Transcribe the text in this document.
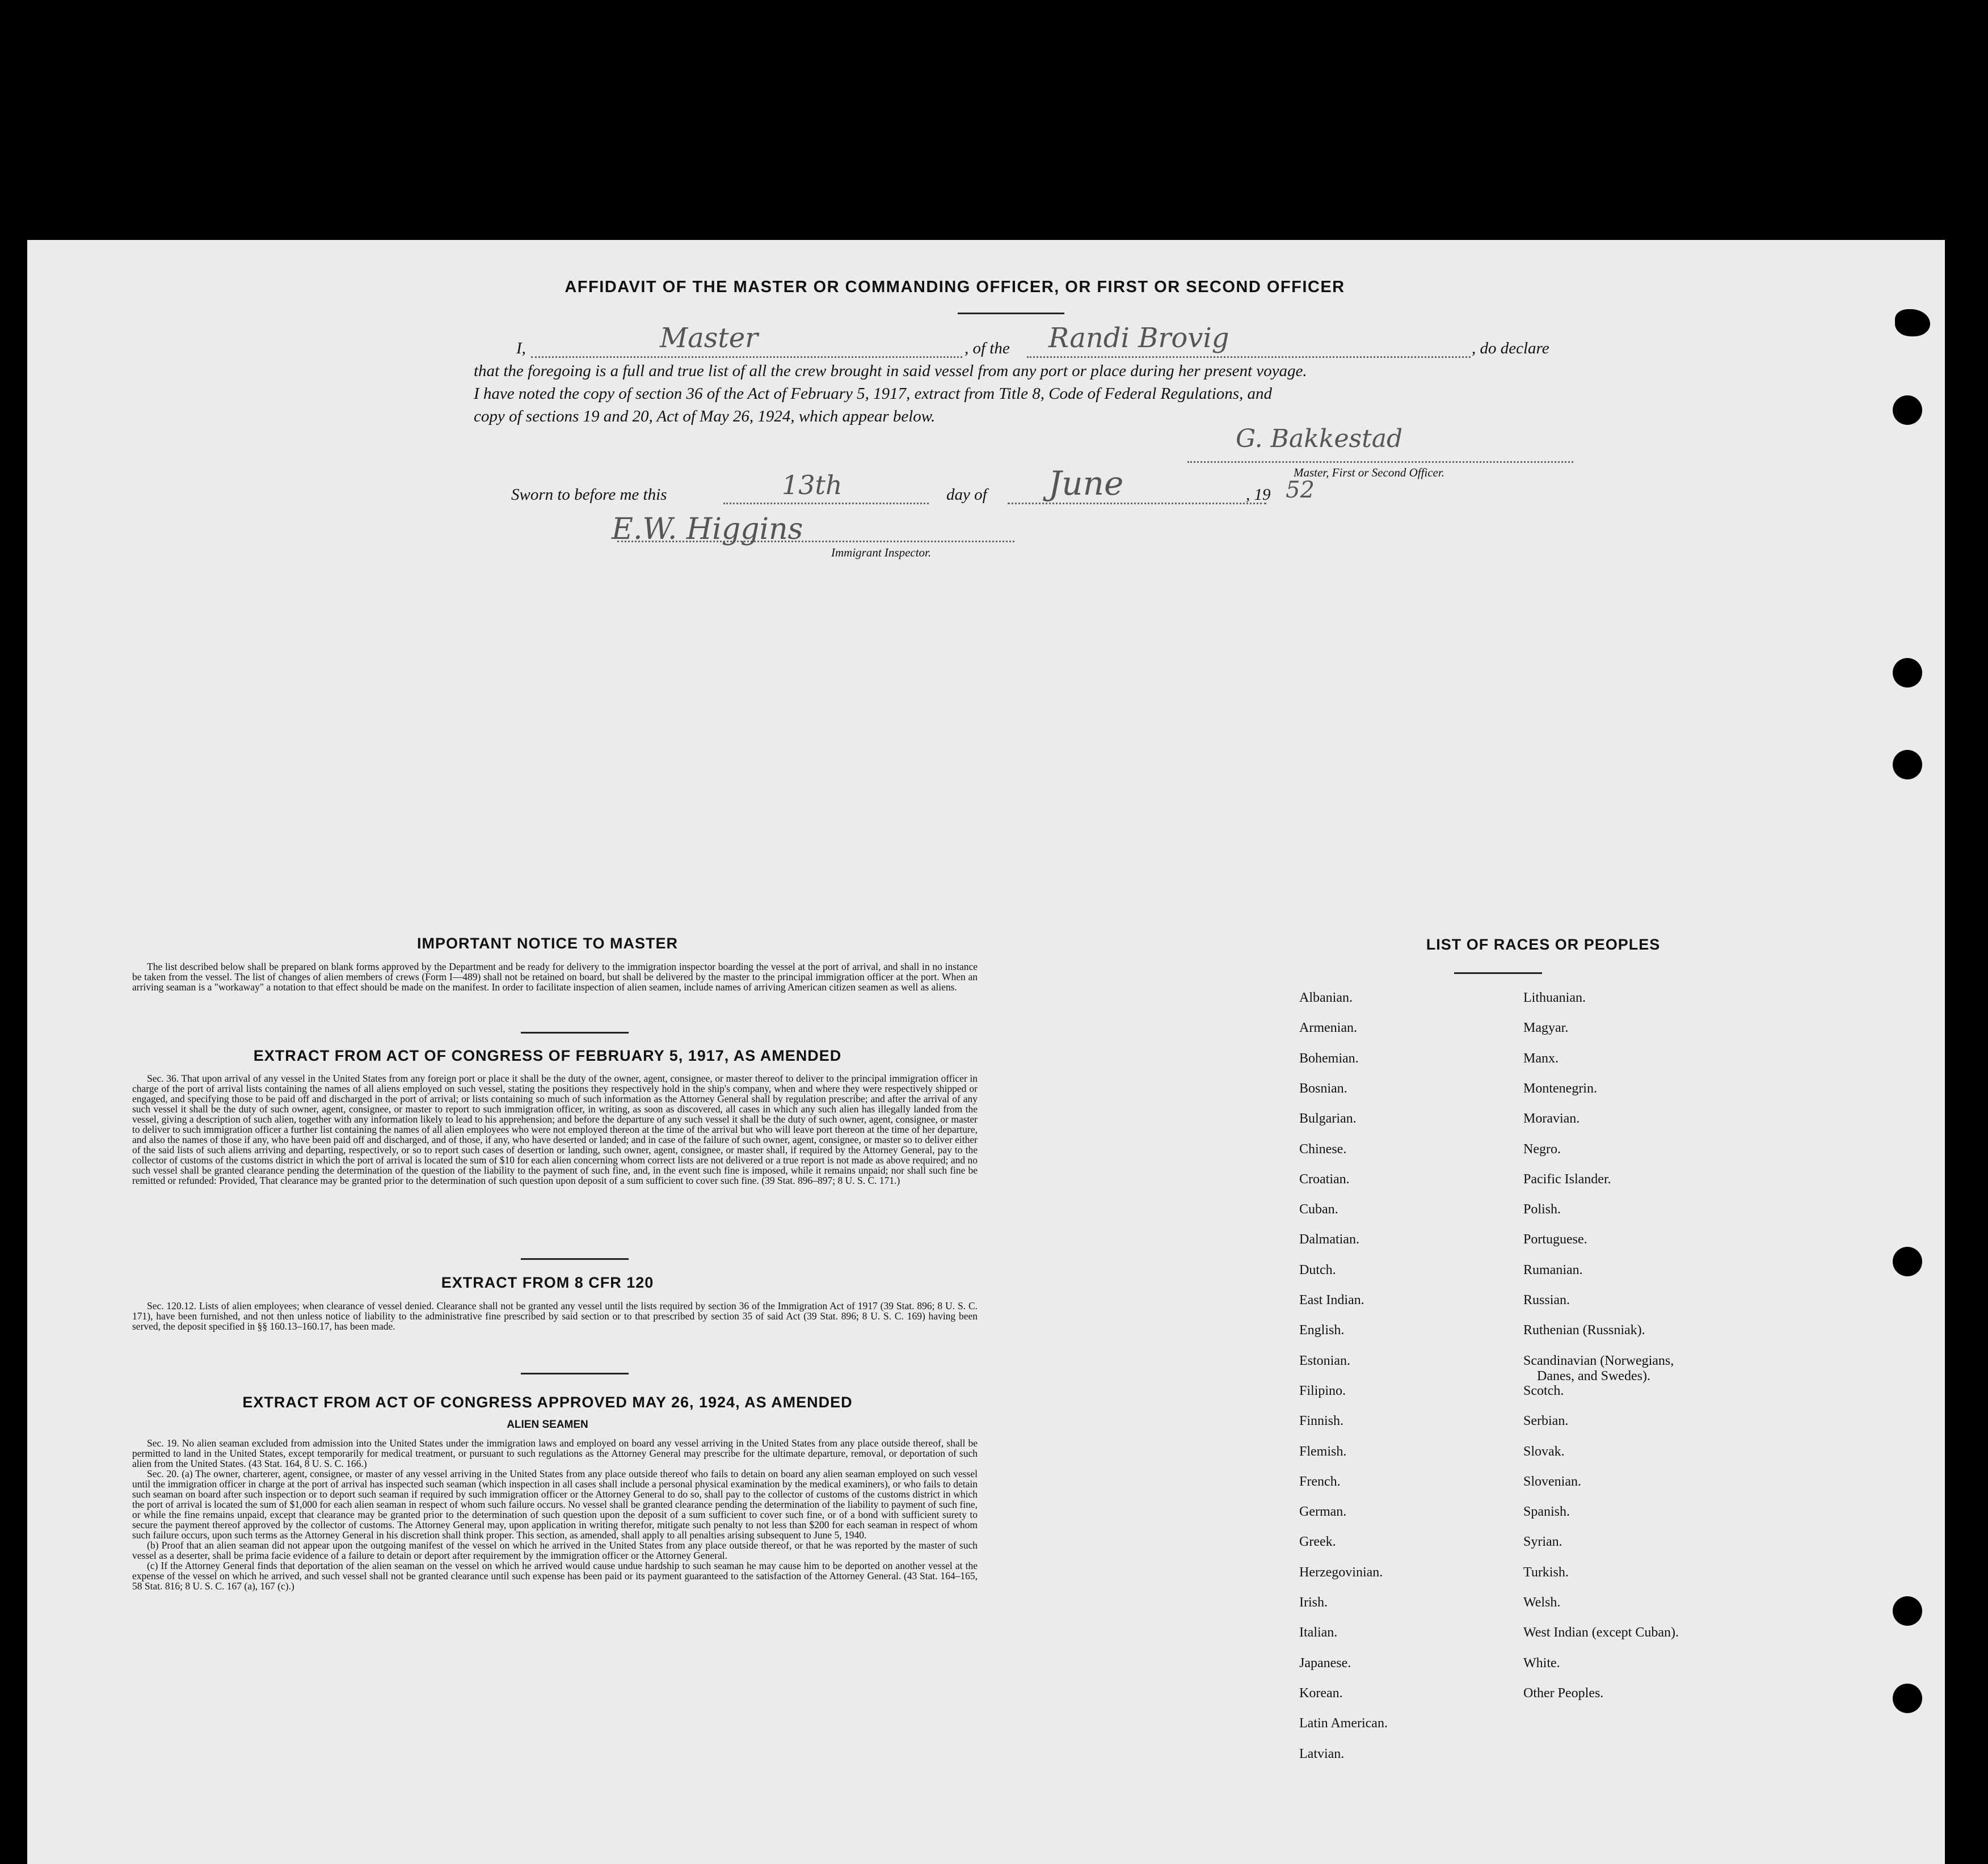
AFFIDAVIT OF THE MASTER OR COMMANDING OFFICER, OR FIRST OR SECOND OFFICER
I,	Master	, of the Randi Brovig	, do declare
that the foregoing is a full and true list of all the crew brought in said vessel from any port or place during her present voyage.
I have noted the copy of section 36 of the Act of February 5, 1917, extract from Title 8, Code of Federal Regulations, and
copy of sections 19 and 20, Act of May 26, 1924, which appear below.
G. Bakkestad
Master, First or Second Officer.
Sworn to before me this	13th	day of June	, 19 52
E.W. Higgins
Immigrant Inspector.
IMPORTANT NOTICE TO MASTER

The list described below shall be prepared on blank forms approved by the Department and be ready for delivery to the immigration inspector boarding the vessel at the port of arrival, and shall in no instance be taken from the vessel. The list of changes of alien members of crews (Form I—489) shall not be retained on board, but shall be delivered by the master to the principal immigration officer at the port. When an arriving seaman is a "workaway" a notation to that effect should be made on the manifest. In order to facilitate inspection of alien seamen, include names of arriving American citizen seamen as well as aliens.

EXTRACT FROM ACT OF CONGRESS OF FEBRUARY 5, 1917, AS AMENDED

Sec. 36. That upon arrival of any vessel in the United States from any foreign port or place it shall be the duty of the owner, agent, consignee, or master thereof to deliver to the principal immigration officer in charge of the port of arrival lists containing the names of all aliens employed on such vessel, stating the positions they respectively hold in the ship's company, when and where they were respectively shipped or engaged, and specifying those to be paid off and discharged in the port of arrival; or lists containing so much of such information as the Attorney General shall by regulation prescribe; and after the arrival of any such vessel it shall be the duty of such owner, agent, consignee, or master to report to such immigration officer, in writing, as soon as discovered, all cases in which any such alien has illegally landed from the vessel, giving a description of such alien, together with any information likely to lead to his apprehension; and before the departure of any such vessel it shall be the duty of such owner, agent, consignee, or master to deliver to such immigration officer a further list containing the names of all alien employees who were not employed thereon at the time of the arrival but who will leave port thereon at the time of her departure, and also the names of those if any, who have been paid off and discharged, and of those, if any, who have deserted or landed; and in case of the failure of such owner, agent, consignee, or master so to deliver either of the said lists of such aliens arriving and departing, respectively, or so to report such cases of desertion or landing, such owner, agent, consignee, or master shall, if required by the Attorney General, pay to the collector of customs of the customs district in which the port of arrival is located the sum of $10 for each alien concerning whom correct lists are not delivered or a true report is not made as above required; and no such vessel shall be granted clearance pending the determination of the question of the liability to the payment of such fine, and, in the event such fine is imposed, while it remains unpaid; nor shall such fine be remitted or refunded: Provided, That clearance may be granted prior to the determination of such question upon deposit of a sum sufficient to cover such fine. (39 Stat. 896–897; 8 U. S. C. 171.)

EXTRACT FROM 8 CFR 120

Sec. 120.12. Lists of alien employees; when clearance of vessel denied. Clearance shall not be granted any vessel until the lists required by section 36 of the Immigration Act of 1917 (39 Stat. 896; 8 U. S. C. 171), have been furnished, and not then unless notice of liability to the administrative fine prescribed by said section or to that prescribed by section 35 of said Act (39 Stat. 896; 8 U. S. C. 169) having been served, the deposit specified in §§ 160.13–160.17, has been made.

EXTRACT FROM ACT OF CONGRESS APPROVED MAY 26, 1924, AS AMENDED
ALIEN SEAMEN

Sec. 19. No alien seaman excluded from admission into the United States under the immigration laws and employed on board any vessel arriving in the United States from any place outside thereof, shall be permitted to land in the United States, except temporarily for medical treatment, or pursuant to such regulations as the Attorney General may prescribe for the ultimate departure, removal, or deportation of such alien from the United States. (43 Stat. 164, 8 U. S. C. 166.)

Sec. 20. (a) The owner, charterer, agent, consignee, or master of any vessel arriving in the United States from any place outside thereof who fails to detain on board any alien seaman employed on such vessel until the immigration officer in charge at the port of arrival has inspected such seaman (which inspection in all cases shall include a personal physical examination by the medical examiners), or who fails to detain such seaman on board after such inspection or to deport such seaman if required by such immigration officer or the Attorney General to do so, shall pay to the collector of customs of the customs district in which the port of arrival is located the sum of $1,000 for each alien seaman in respect of whom such failure occurs. No vessel shall be granted clearance pending the determination of the liability to payment of such fine, or while the fine remains unpaid, except that clearance may be granted prior to the determination of such question upon the deposit of a sum sufficient to cover such fine, or of a bond with sufficient surety to secure the payment thereof approved by the collector of customs. The Attorney General may, upon application in writing therefor, mitigate such penalty to not less than $200 for each seaman in respect of whom such failure occurs, upon such terms as the Attorney General in his discretion shall think proper. This section, as amended, shall apply to all penalties arising subsequent to June 5, 1940.

(b) Proof that an alien seaman did not appear upon the outgoing manifest of the vessel on which he arrived in the United States from any place outside thereof, or that he was reported by the master of such vessel as a deserter, shall be prima facie evidence of a failure to detain or deport after requirement by the immigration officer or the Attorney General.

(c) If the Attorney General finds that deportation of the alien seaman on the vessel on which he arrived would cause undue hardship to such seaman he may cause him to be deported on another vessel at the expense of the vessel on which he arrived, and such vessel shall not be granted clearance until such expense has been paid or its payment guaranteed to the satisfaction of the Attorney General. (43 Stat. 164–165, 58 Stat. 816; 8 U. S. C. 167 (a), 167 (c).)

LIST OF RACES OR PEOPLES
Albanian.
Armenian.
Bohemian.
Bosnian.
Bulgarian.
Chinese.
Croatian.
Cuban.
Dalmatian.
Dutch.
East Indian.
English.
Estonian.
Filipino.
Finnish.
Flemish.
French.
German.
Greek.
Herzegovinian.
Irish.
Italian.
Japanese.
Korean.
Latin American.
Latvian.
Lithuanian.
Magyar.
Manx.
Montenegrin.
Moravian.
Negro.
Pacific Islander.
Polish.
Portuguese.
Rumanian.
Russian.
Ruthenian (Russniak).
Scandinavian (Norwegians,
Danes, and Swedes).
Scotch.
Serbian.
Slovak.
Slovenian.
Spanish.
Syrian.
Turkish.
Welsh.
West Indian (except Cuban).
White.
Other Peoples.
